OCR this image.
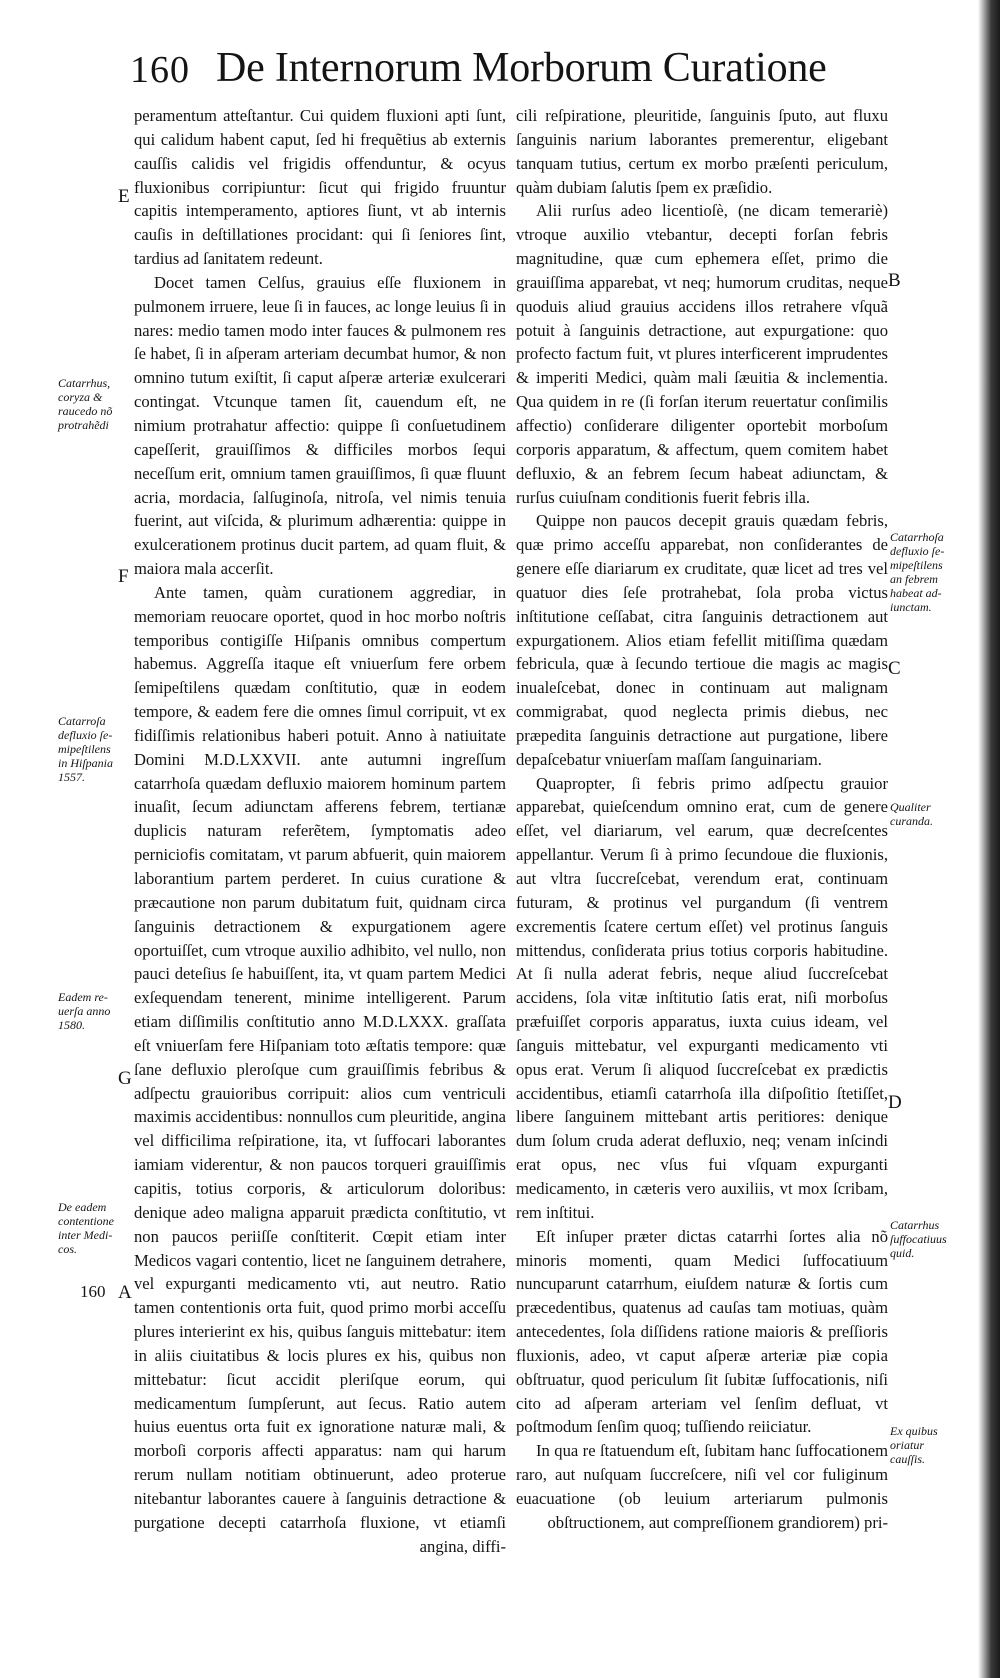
160 De Internorum Morborum Curatione

peramentum atteſtantur. Cui quidem fluxioni apti ſunt, qui calidum habent caput, ſed hi frequẽtius ab externis cauſſis calidis vel frigidis offenduntur, & ocyus fluxionibus corripiuntur: ſicut qui frigido fruuntur capitis intemperamento, aptiores ſiunt, vt ab internis cauſis in deſtillationes procidant: qui ſi ſeniores ſint, tardius ad ſanitatem redeunt.

Docet tamen Celſus, grauius eſſe fluxionem in pulmonem irruere, leue ſi in fauces, ac longe leuius ſi in nares: medio tamen modo inter fauces & pulmonem res ſe habet, ſi in aſperam arteriam decumbat humor, & non omnino tutum exiſtit, ſi caput aſperæ arteriæ exulcerari contingat. Vtcunque tamen ſit, cauendum eſt, ne nimium protrahatur affectio: quippe ſi conſuetudinem capeſſerit, grauiſſimos & difficiles morbos ſequi neceſſum erit, omnium tamen grauiſſimos, ſi quæ fluunt acria, mordacia, ſalſuginoſa, nitroſa, vel nimis tenuia fuerint, aut viſcida, & plurimum adhærentia: quippe in exulcerationem protinus ducit partem, ad quam fluit, & maiora mala accerſit.

Ante tamen, quàm curationem aggrediar, in memoriam reuocare oportet, quod in hoc morbo noſtris temporibus contigiſſe Hiſpanis omnibus compertum habemus. Aggreſſa itaque eſt vniuerſum fere orbem ſemipeſtilens quædam conſtitutio, quæ in eodem tempore, & eadem fere die omnes ſimul corripuit, vt ex fidiſſimis relationibus haberi potuit. Anno à natiuitate Domini M.D.LXXVII. ante autumni ingreſſum catarrhoſa quædam defluxio maiorem hominum partem inuaſit, ſecum adiunctam afferens febrem, tertianæ duplicis naturam referẽtem, ſymptomatis adeo perniciofis comitatam, vt parum abfuerit, quin maiorem laborantium partem perderet. In cuius curatione & præcautione non parum dubitatum fuit, quidnam circa ſanguinis detractionem & expurgationem agere oportuiſſet, cum vtroque auxilio adhibito, vel nullo, non pauci deteſius ſe habuiſſent, ita, vt quam partem Medici exſequendam tenerent, minime intelligerent. Parum etiam diſſimilis conſtitutio anno M.D.LXXX. graſſata eſt vniuerſam fere Hiſpaniam toto æſtatis tempore: quæ ſane defluxio pleroſque cum grauiſſimis febribus & adſpectu grauioribus corripuit: alios cum ventriculi maximis accidentibus: nonnullos cum pleuritide, angina vel difficilima reſpiratione, ita, vt ſuffocari laborantes iamiam viderentur, & non paucos torqueri grauiſſimis capitis, totius corporis, & articulorum doloribus: denique adeo maligna apparuit prædicta conſtitutio, vt non paucos periiſſe conſtiterit. Cœpit etiam inter Medicos vagari contentio, licet ne ſanguinem detrahere, vel expurganti medicamento vti, aut neutro. Ratio tamen contentionis orta fuit, quod primo morbi acceſſu plures interierint ex his, quibus ſanguis mittebatur: item in aliis ciuitatibus & locis plures ex his, quibus non mittebatur: ſicut accidit pleriſque eorum, qui medicamentum ſumpſerunt, aut ſecus. Ratio autem huius euentus orta fuit ex ignoratione naturæ mali, & morboſi corporis affecti apparatus: nam qui harum rerum nullam notitiam obtinuerunt, adeo proterue nitebantur laborantes cauere à ſanguinis detractione & purgatione decepti catarrhoſa fluxione, vt etiamſi angina, diffi-

cili reſpiratione, pleuritide, ſanguinis ſputo, aut fluxu ſanguinis narium laborantes premerentur, eligebant tanquam tutius, certum ex morbo præſenti periculum, quàm dubiam ſalutis ſpem ex præſidio.

Alii rurſus adeo licentioſè, (ne dicam temerariè) vtroque auxilio vtebantur, decepti forſan febris magnitudine, quæ cum ephemera eſſet, primo die grauiſſima apparebat, vt neq; humorum cruditas, neque quoduis aliud grauius accidens illos retrahere vſquã potuit à ſanguinis detractione, aut expurgatione: quo profecto factum fuit, vt plures interficerent imprudentes & imperiti Medici, quàm mali ſæuitia & inclementia. Qua quidem in re (ſi forſan iterum reuertatur conſimilis affectio) conſiderare diligenter oportebit morboſum corporis apparatum, & affectum, quem comitem habet defluxio, & an febrem ſecum habeat adiunctam, & rurſus cuiuſnam conditionis fuerit febris illa.

Quippe non paucos decepit grauis quædam febris, quæ primo acceſſu apparebat, non conſiderantes de genere eſſe diariarum ex cruditate, quæ licet ad tres vel quatuor dies ſeſe protrahebat, ſola proba victus inſtitutione ceſſabat, citra ſanguinis detractionem aut expurgationem. Alios etiam fefellit mitiſſima quædam febricula, quæ à ſecundo tertioue die magis ac magis inualeſcebat, donec in continuam aut malignam commigrabat, quod neglecta primis diebus, nec præpedita ſanguinis detractione aut purgatione, libere depaſcebatur vniuerſam maſſam ſanguinariam.

Quapropter, ſi febris primo adſpectu grauior apparebat, quieſcendum omnino erat, cum de genere eſſet, vel diariarum, vel earum, quæ decreſcentes appellantur. Verum ſi à primo ſecundoue die fluxionis, aut vltra ſuccreſcebat, verendum erat, continuam futuram, & protinus vel purgandum (ſi ventrem excrementis ſcatere certum eſſet) vel protinus ſanguis mittendus, conſiderata prius totius corporis habitudine. At ſi nulla aderat febris, neque aliud ſuccreſcebat accidens, ſola vitæ inſtitutio ſatis erat, niſi morboſus præfuiſſet corporis apparatus, iuxta cuius ideam, vel ſanguis mittebatur, vel expurganti medicamento vti opus erat. Verum ſi aliquod ſuccreſcebat ex prædictis accidentibus, etiamſi catarrhoſa illa diſpoſitio ſtetiſſet, libere ſanguinem mittebant artis peritiores: denique dum ſolum cruda aderat defluxio, neq; venam inſcindi erat opus, nec vſus fui vſquam expurganti medicamento, in cæteris vero auxiliis, vt mox ſcribam, rem inſtitui.

Eſt inſuper præter dictas catarrhi ſortes alia nõ minoris momenti, quam Medici ſuffocatiuum nuncuparunt catarrhum, eiuſdem naturæ & ſortis cum præcedentibus, quatenus ad cauſas tam motiuas, quàm antecedentes, ſola diſſidens ratione maioris & preſſioris fluxionis, adeo, vt caput aſperæ arteriæ piæ copia obſtruatur, quod periculum ſit ſubitæ ſuffocationis, niſi cito ad aſperam arteriam vel ſenſim defluat, vt poſtmodum ſenſim quoq; tuſſiendo reiiciatur.

In qua re ſtatuendum eſt, ſubitam hanc ſuffocationem raro, aut nuſquam ſuccreſcere, niſi vel cor fuliginum euacuatione (ob leuium arteriarum pulmonis obſtructionem, aut compreſſionem grandiorem) pri-

Catarrhus,
coryza &
raucedo nõ
protrahẽdi
Catarroſa
defluxio ſe-
mipeſtilens
in Hiſpania
1557.
Eadem re-
uerſa anno
1580.
De eadem
contentione
inter Medi-
cos.
Catarrhoſa
defluxio ſe-
mipeſtilens
an febrem
habeat ad-
iunctam.
Qualiter
curanda.
Catarrhus
ſuffocatiuus
quid.
Ex quibus
oriatur
cauſſis.
E
F
G
160 A
B
C
D
